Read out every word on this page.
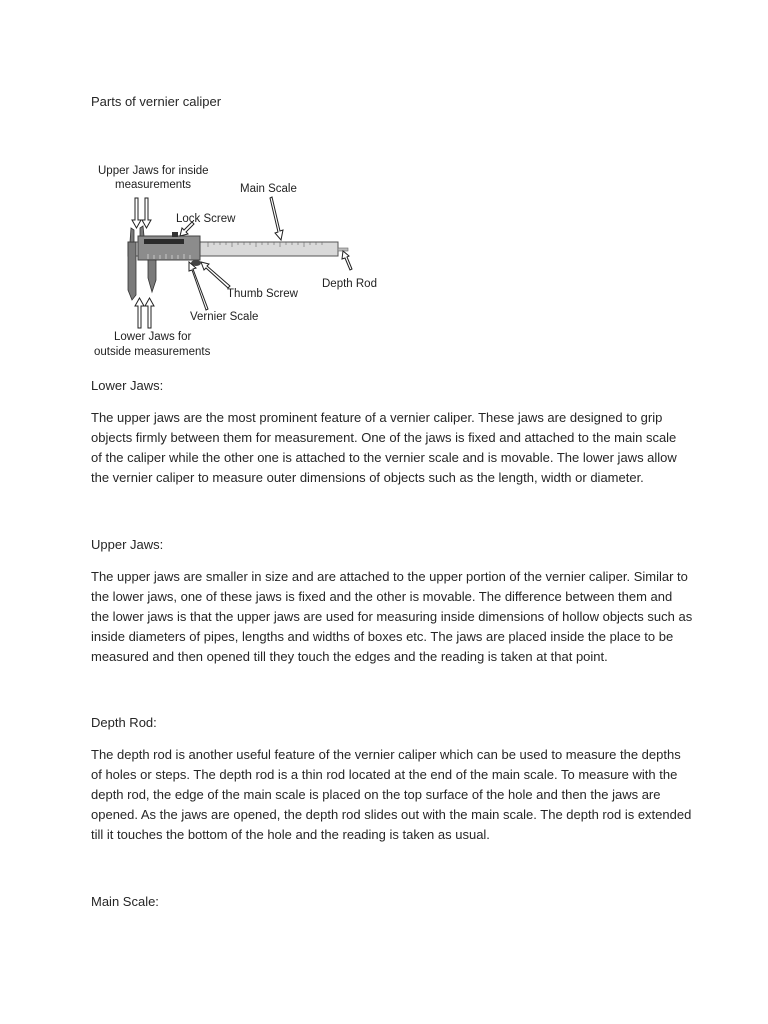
Parts of vernier caliper
Upper Jaws for inside
measurements	Main Scale
Lock Screw
Depth Rod
Thumb Screw
Vernier Scale
Lower Jaws for
outside measurements
Lower Jaws:
The upper jaws are the most prominent feature of a vernier caliper. These jaws are designed to grip
objects firmly between them for measurement. One of the jaws is fixed and attached to the main scale
of the caliper while the other one is attached to the vernier scale and is movable. The lower jaws allow
the vernier caliper to measure outer dimensions of objects such as the length, width or diameter.
Upper Jaws:
The upper jaws are smaller in size and are attached to the upper portion of the vernier caliper. Similar to
the lower jaws, one of these jaws is fixed and the other is movable. The difference between them and
the lower jaws is that the upper jaws are used for measuring inside dimensions of hollow objects such as
inside diameters of pipes, lengths and widths of boxes etc. The jaws are placed inside the place to be
measured and then opened till they touch the edges and the reading is taken at that point.
Depth Rod:
The depth rod is another useful feature of the vernier caliper which can be used to measure the depths
of holes or steps. The depth rod is a thin rod located at the end of the main scale. To measure with the
depth rod, the edge of the main scale is placed on the top surface of the hole and then the jaws are
opened. As the jaws are opened, the depth rod slides out with the main scale. The depth rod is extended
till it touches the bottom of the hole and the reading is taken as usual.
Main Scale:
